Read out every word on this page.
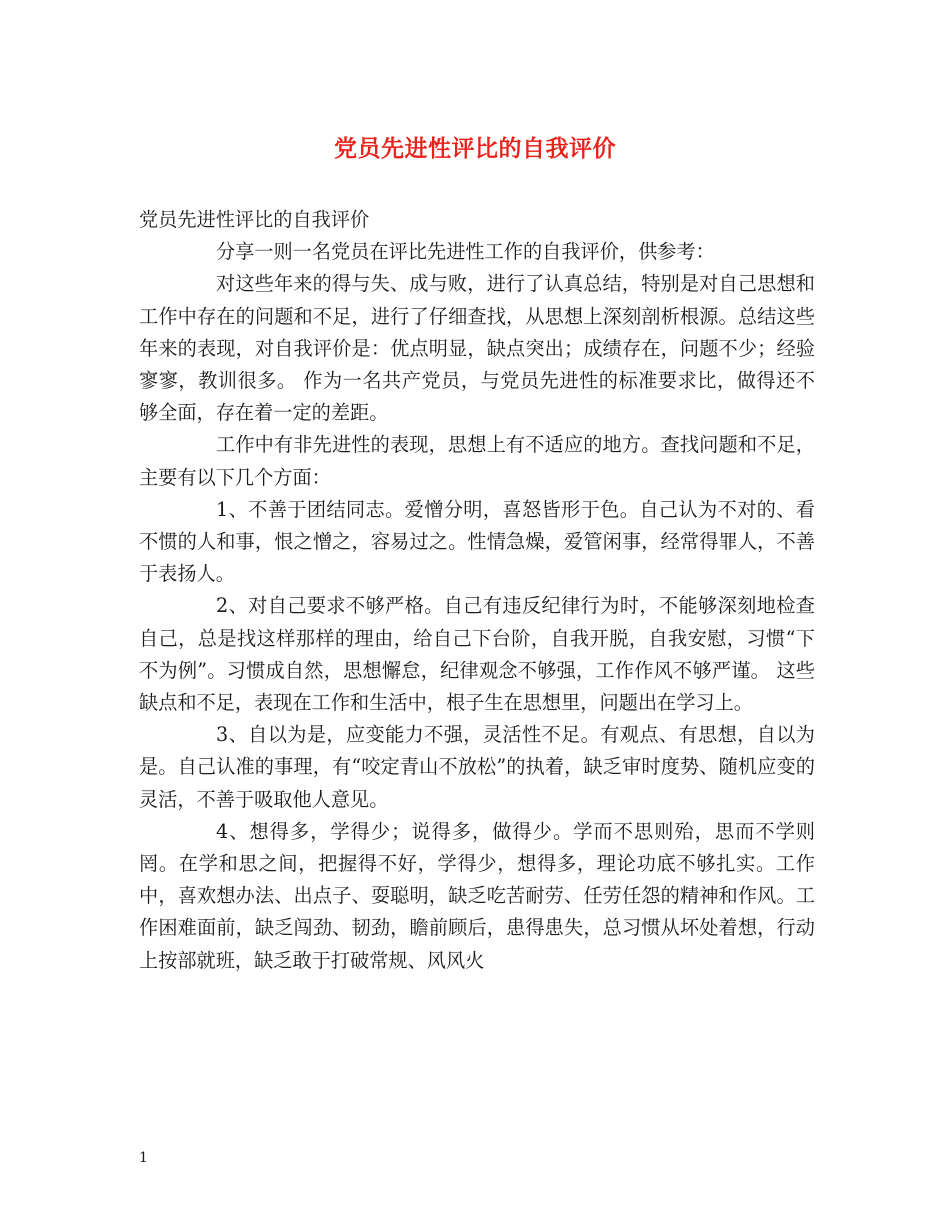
党员先进性评比的自我评价

党员先进性评比的自我评价

分享一则一名党员在评比先进性工作的自我评价，供参考：

对这些年来的得与失、成与败，进行了认真总结，特别是对自己思想和工作中存在的问题和不足，进行了仔细查找，从思想上深刻剖析根源。总结这些年来的表现，对自我评价是：优点明显，缺点突出；成绩存在，问题不少；经验寥寥，教训很多。 作为一名共产党员，与党员先进性的标准要求比，做得还不够全面，存在着一定的差距。

工作中有非先进性的表现，思想上有不适应的地方。查找问题和不足，主要有以下几个方面：

1、不善于团结同志。爱憎分明，喜怒皆形于色。自己认为不对的、看不惯的人和事，恨之憎之，容易过之。性情急燥，爱管闲事，经常得罪人，不善于表扬人。

2、对自己要求不够严格。自己有违反纪律行为时，不能够深刻地检查自己，总是找这样那样的理由，给自己下台阶，自我开脱，自我安慰，习惯“下不为例”。习惯成自然，思想懈怠，纪律观念不够强，工作作风不够严谨。 这些缺点和不足，表现在工作和生活中，根子生在思想里，问题出在学习上。

3、自以为是，应变能力不强，灵活性不足。有观点、有思想，自以为是。自己认准的事理，有“咬定青山不放松”的执着，缺乏审时度势、随机应变的灵活，不善于吸取他人意见。

4、想得多，学得少；说得多，做得少。学而不思则殆，思而不学则罔。在学和思之间，把握得不好，学得少，想得多，理论功底不够扎实。工作中，喜欢想办法、出点子、耍聪明，缺乏吃苦耐劳、任劳任怨的精神和作风。工作困难面前，缺乏闯劲、韧劲，瞻前顾后，患得患失，总习惯从坏处着想，行动上按部就班，缺乏敢于打破常规、风风火

1
